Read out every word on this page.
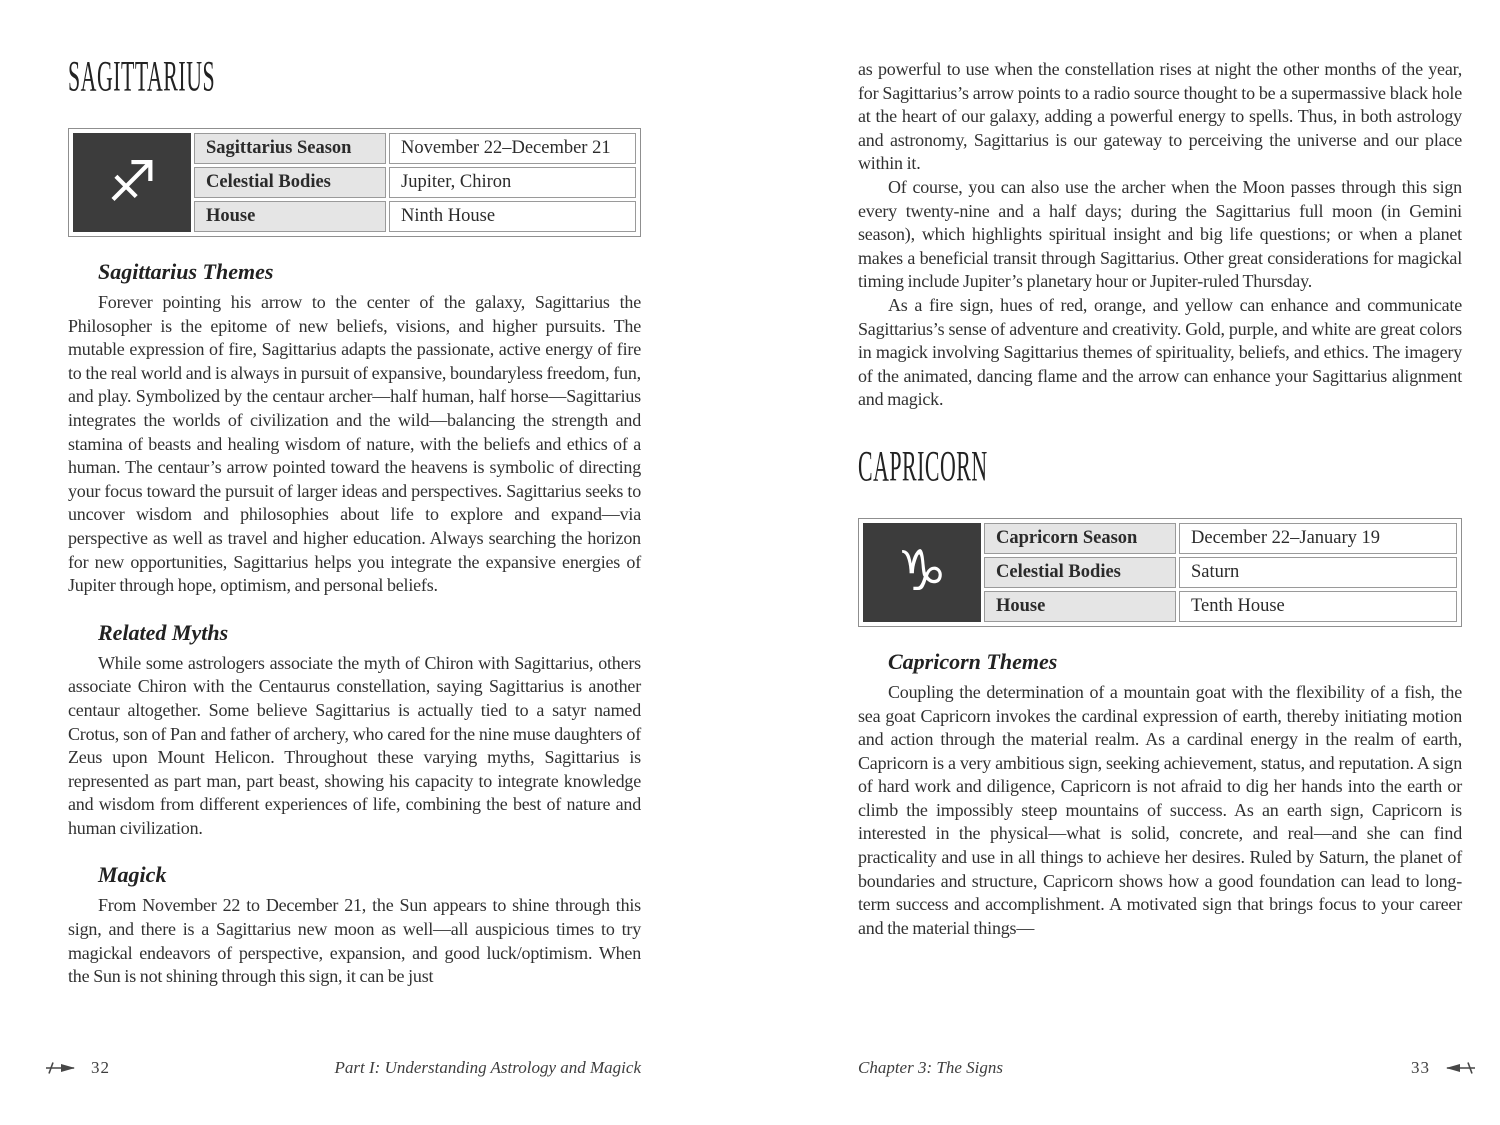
SAGITTARIUS
♐
Sagittarius Season	November 22–December 21
Celestial Bodies	Jupiter, Chiron
House	Ninth House
Sagittarius Themes

Forever pointing his arrow to the center of the galaxy, Sagittarius the Philosopher is the epitome of new beliefs, visions, and higher pursuits. The mutable expression of fire, Sagittarius adapts the passionate, active energy of fire to the real world and is always in pursuit of expansive, boundaryless freedom, fun, and play. Symbolized by the centaur archer—half human, half horse—Sagittarius integrates the worlds of civilization and the wild—balancing the strength and stamina of beasts and healing wisdom of nature, with the beliefs and ethics of a human. The centaur’s arrow pointed toward the heavens is symbolic of directing your focus toward the pursuit of larger ideas and perspectives. Sagittarius seeks to uncover wisdom and philosophies about life to explore and expand—via perspective as well as travel and higher education. Always searching the horizon for new opportunities, Sagittarius helps you integrate the expansive energies of Jupiter through hope, optimism, and personal beliefs.

Related Myths

While some astrologers associate the myth of Chiron with Sagittarius, others associate Chiron with the Centaurus constellation, saying Sagittarius is another centaur altogether. Some believe Sagittarius is actually tied to a satyr named Crotus, son of Pan and father of archery, who cared for the nine muse daughters of Zeus upon Mount Helicon. Throughout these varying myths, Sagittarius is represented as part man, part beast, showing his capacity to integrate knowledge and wisdom from different experiences of life, combining the best of nature and human civilization.

Magick

From November 22 to December 21, the Sun appears to shine through this sign, and there is a Sagittarius new moon as well—all auspicious times to try magickal endeavors of perspective, expansion, and good luck/optimism. When the Sun is not shining through this sign, it can be just

as powerful to use when the constellation rises at night the other months of the year, for Sagittarius’s arrow points to a radio source thought to be a supermassive black hole at the heart of our galaxy, adding a powerful energy to spells. Thus, in both astrology and astronomy, Sagittarius is our gateway to perceiving the universe and our place within it.

Of course, you can also use the archer when the Moon passes through this sign every twenty-nine and a half days; during the Sagittarius full moon (in Gemini season), which highlights spiritual insight and big life questions; or when a planet makes a beneficial transit through Sagittarius. Other great considerations for magickal timing include Jupiter’s planetary hour or Jupiter-ruled Thursday.

As a fire sign, hues of red, orange, and yellow can enhance and communicate Sagittarius’s sense of adventure and creativity. Gold, purple, and white are great colors in magick involving Sagittarius themes of spirituality, beliefs, and ethics. The imagery of the animated, dancing flame and the arrow can enhance your Sagittarius alignment and magick.

CAPRICORN
♑
Capricorn Season	December 22–January 19
Celestial Bodies	Saturn
House	Tenth House
Capricorn Themes

Coupling the determination of a mountain goat with the flexibility of a fish, the sea goat Capricorn invokes the cardinal expression of earth, thereby initiating motion and action through the material realm. As a cardinal energy in the realm of earth, Capricorn is a very ambitious sign, seeking achievement, status, and reputation. A sign of hard work and diligence, Capricorn is not afraid to dig her hands into the earth or climb the impossibly steep mountains of success. As an earth sign, Capricorn is interested in the physical—what is solid, concrete, and real—and she can find practicality and use in all things to achieve her desires. Ruled by Saturn, the planet of boundaries and structure, Capricorn shows how a good foundation can lead to long-term success and accomplishment. A motivated sign that brings focus to your career and the material things—

32	Part I: Understanding Astrology and Magick	Chapter 3: The Signs	33
